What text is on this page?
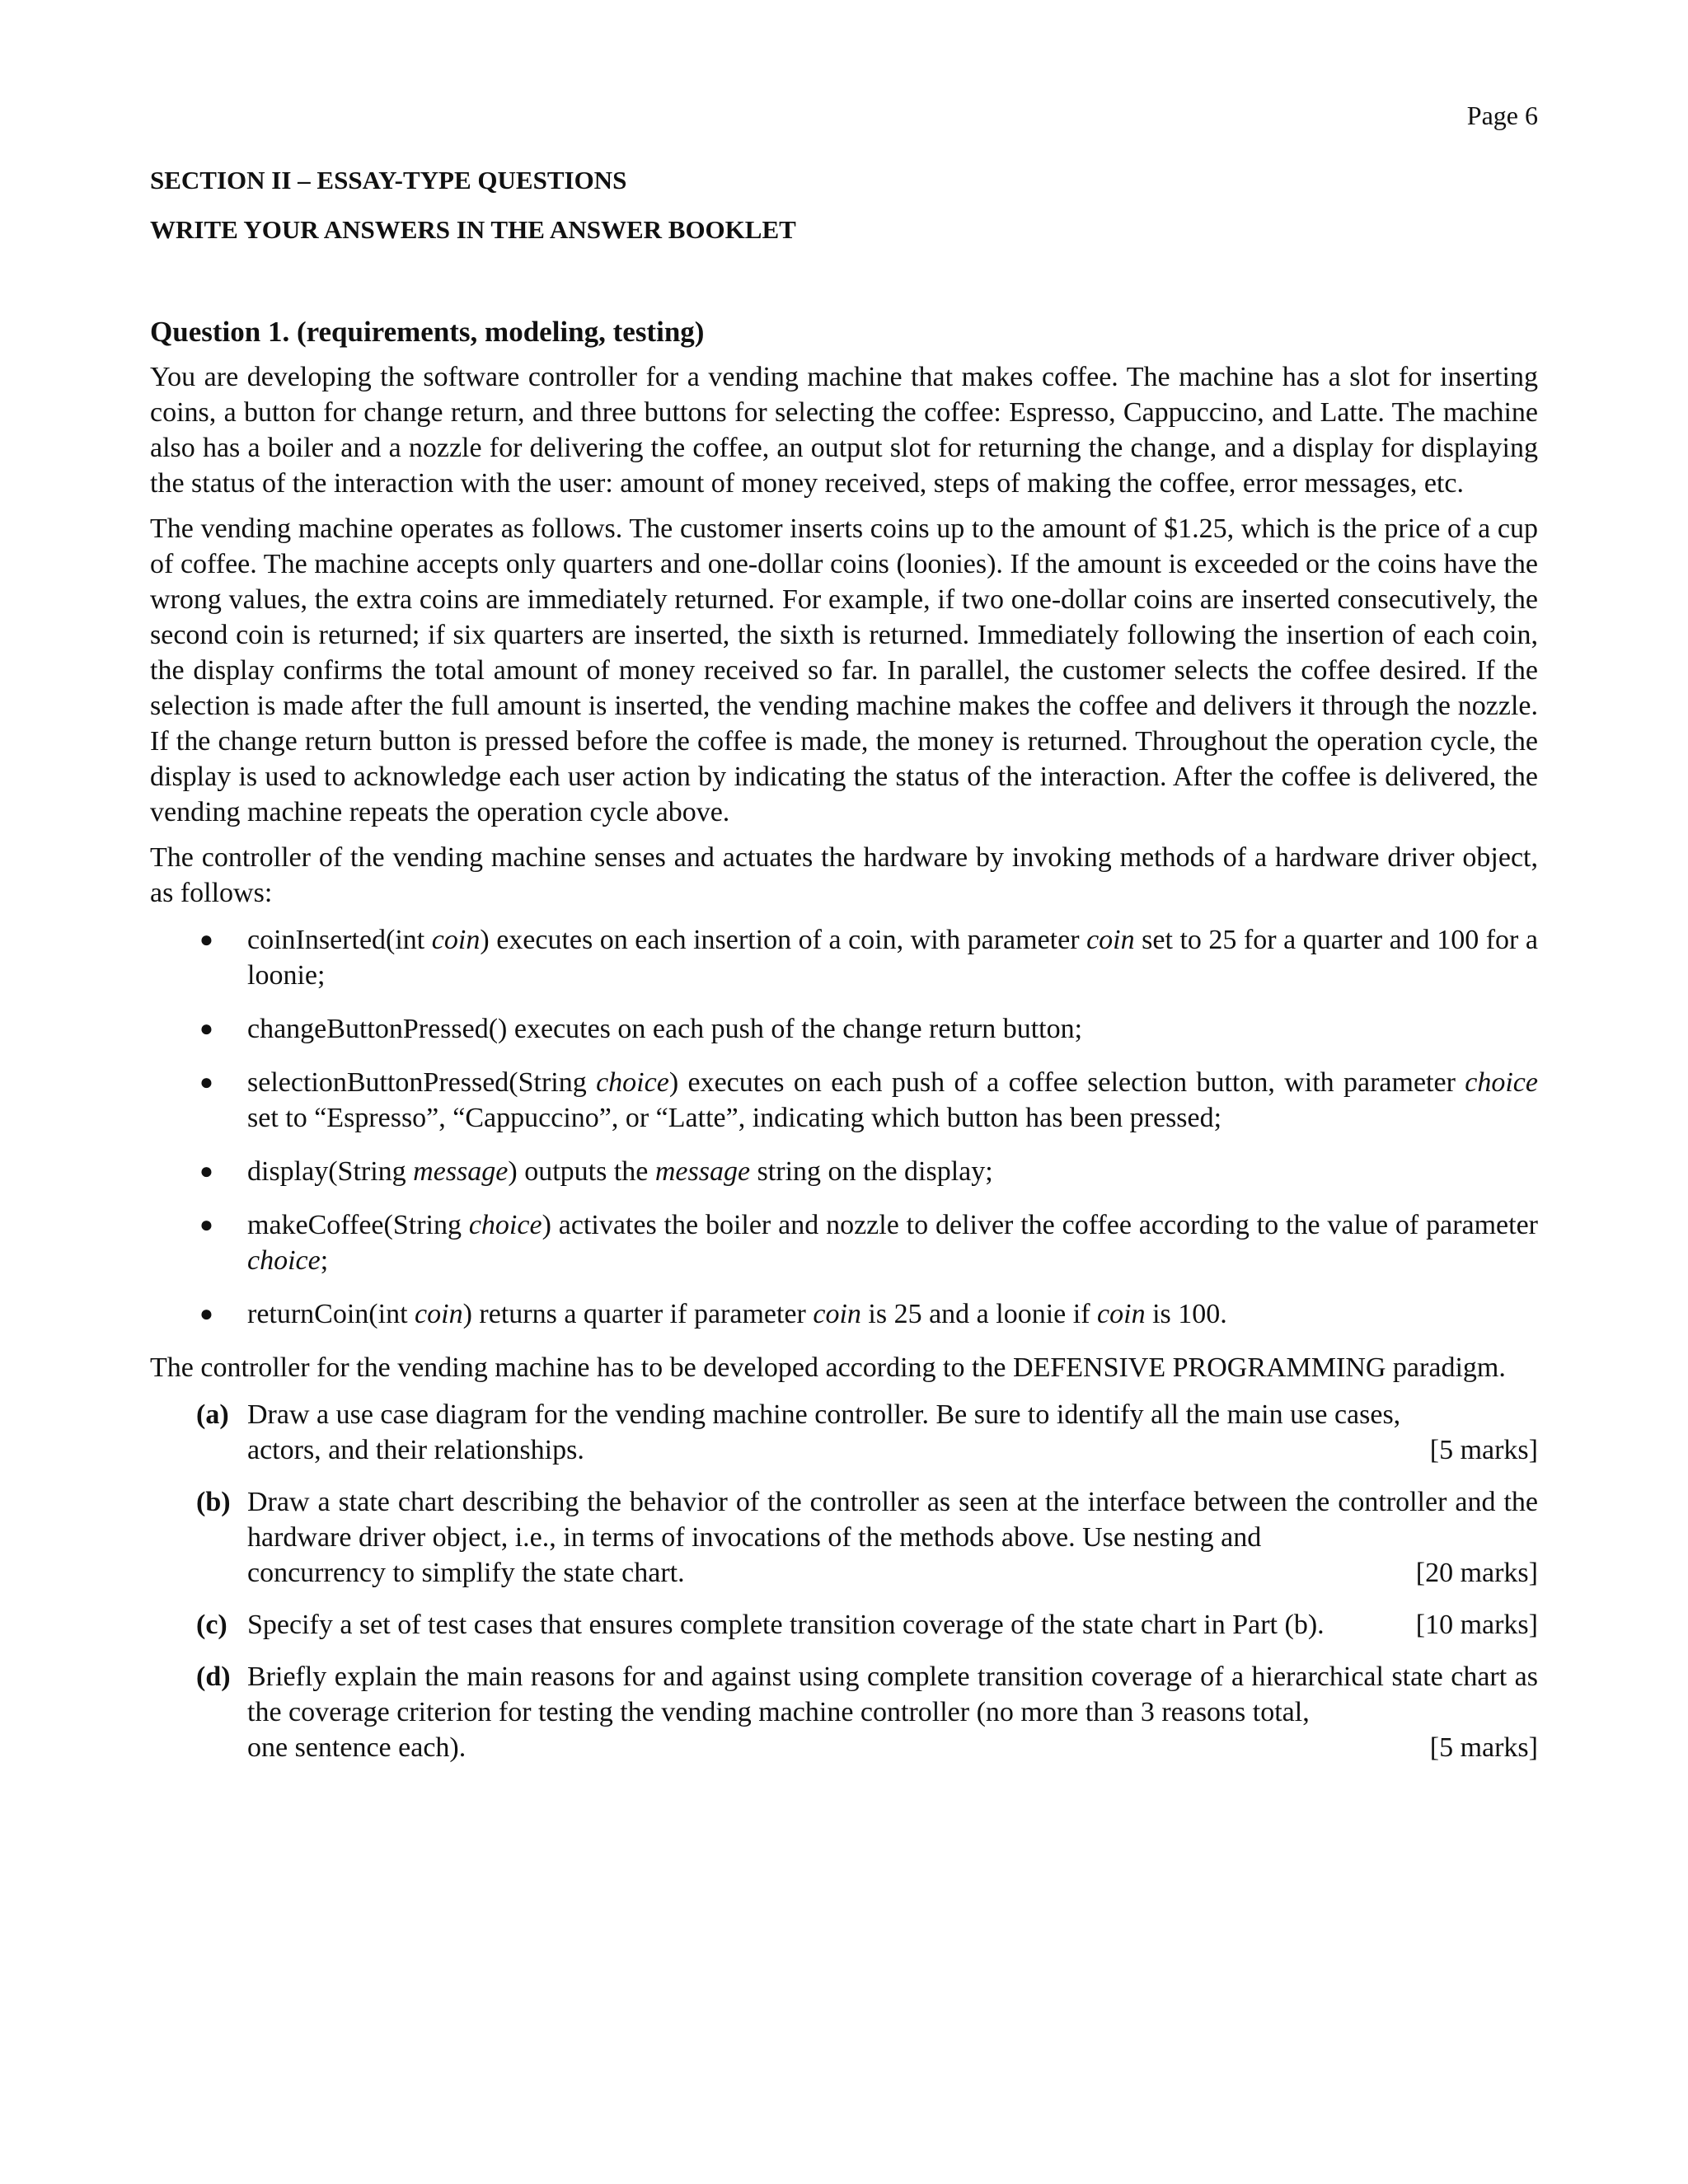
Page 6

SECTION II – ESSAY-TYPE QUESTIONS

WRITE YOUR ANSWERS IN THE ANSWER BOOKLET

Question 1. (requirements, modeling, testing)

You are developing the software controller for a vending machine that makes coffee. The machine has a slot for inserting coins, a button for change return, and three buttons for selecting the coffee: Espresso, Cappuccino, and Latte. The machine also has a boiler and a nozzle for delivering the coffee, an output slot for returning the change, and a display for displaying the status of the interaction with the user: amount of money received, steps of making the coffee, error messages, etc.

The vending machine operates as follows. The customer inserts coins up to the amount of $1.25, which is the price of a cup of coffee. The machine accepts only quarters and one-dollar coins (loonies). If the amount is exceeded or the coins have the wrong values, the extra coins are immediately returned. For example, if two one-dollar coins are inserted consecutively, the second coin is returned; if six quarters are inserted, the sixth is returned. Immediately following the insertion of each coin, the display confirms the total amount of money received so far. In parallel, the customer selects the coffee desired. If the selection is made after the full amount is inserted, the vending machine makes the coffee and delivers it through the nozzle. If the change return button is pressed before the coffee is made, the money is returned. Throughout the operation cycle, the display is used to acknowledge each user action by indicating the status of the interaction. After the coffee is delivered, the vending machine repeats the operation cycle above.

The controller of the vending machine senses and actuates the hardware by invoking methods of a hardware driver object, as follows:

● coinInserted(int coin) executes on each insertion of a coin, with parameter coin set to 25 for a quarter and 100 for a loonie;
● changeButtonPressed() executes on each push of the change return button;
● selectionButtonPressed(String choice) executes on each push of a coffee selection button, with parameter choice set to “Espresso”, “Cappuccino”, or “Latte”, indicating which button has been pressed;
● display(String message) outputs the message string on the display;
● makeCoffee(String choice) activates the boiler and nozzle to deliver the coffee according to the value of parameter choice;
● returnCoin(int coin) returns a quarter if parameter coin is 25 and a loonie if coin is 100.

The controller for the vending machine has to be developed according to the DEFENSIVE PROGRAMMING paradigm.

(a) Draw a use case diagram for the vending machine controller. Be sure to identify all the main use cases,
[5 marks]
actors, and their relationships.
(b) Draw a state chart describing the behavior of the controller as seen at the interface between the controller and the hardware driver object, i.e., in terms of invocations of the methods above. Use nesting and
[20 marks]
concurrency to simplify the state chart.
(c)	[10 marks]
Specify a set of test cases that ensures complete transition coverage of the state chart in Part (b).
(d) Briefly explain the main reasons for and against using complete transition coverage of a hierarchical state chart as the coverage criterion for testing the vending machine controller (no more than 3 reasons total,
[5 marks]
one sentence each).
